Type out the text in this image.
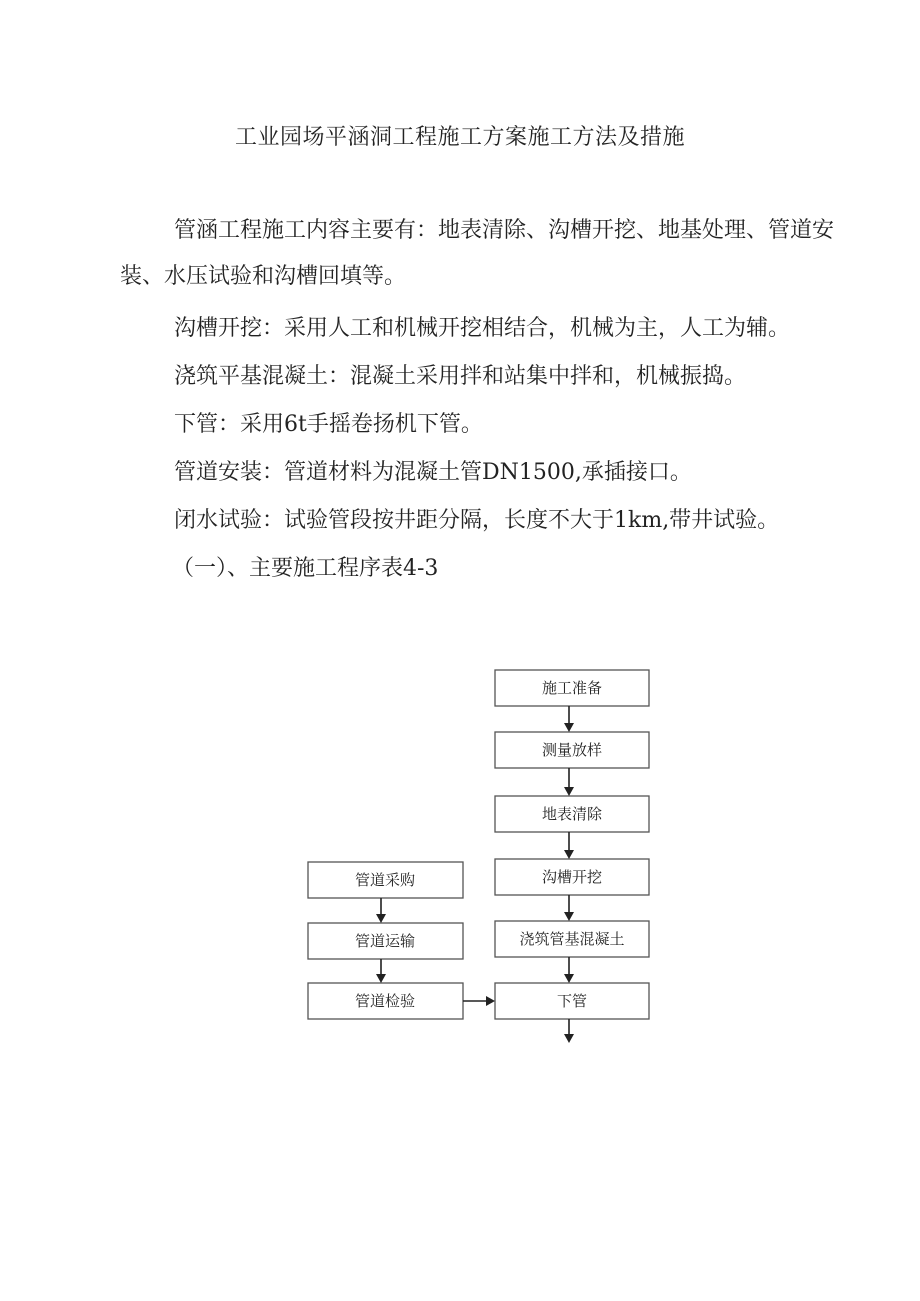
工业园场平涵洞工程施工方案施工方法及措施

管涵工程施工内容主要有：地表清除、沟槽开挖、地基处理、管道安装、水压试验和沟槽回填等。

沟槽开挖：采用人工和机械开挖相结合，机械为主，人工为辅。

浇筑平基混凝土：混凝土采用拌和站集中拌和，机械振捣。

下管：采用6t手摇卷扬机下管。

管道安装：管道材料为混凝土管DN1500,承插接口。

闭水试验：试验管段按井距分隔，长度不大于1km,带井试验。

（一）、主要施工程序表4-3

施工准备
测量放样
地表清除
沟槽开挖
浇筑管基混凝土
下管
管道采购
管道运输
管道检验
